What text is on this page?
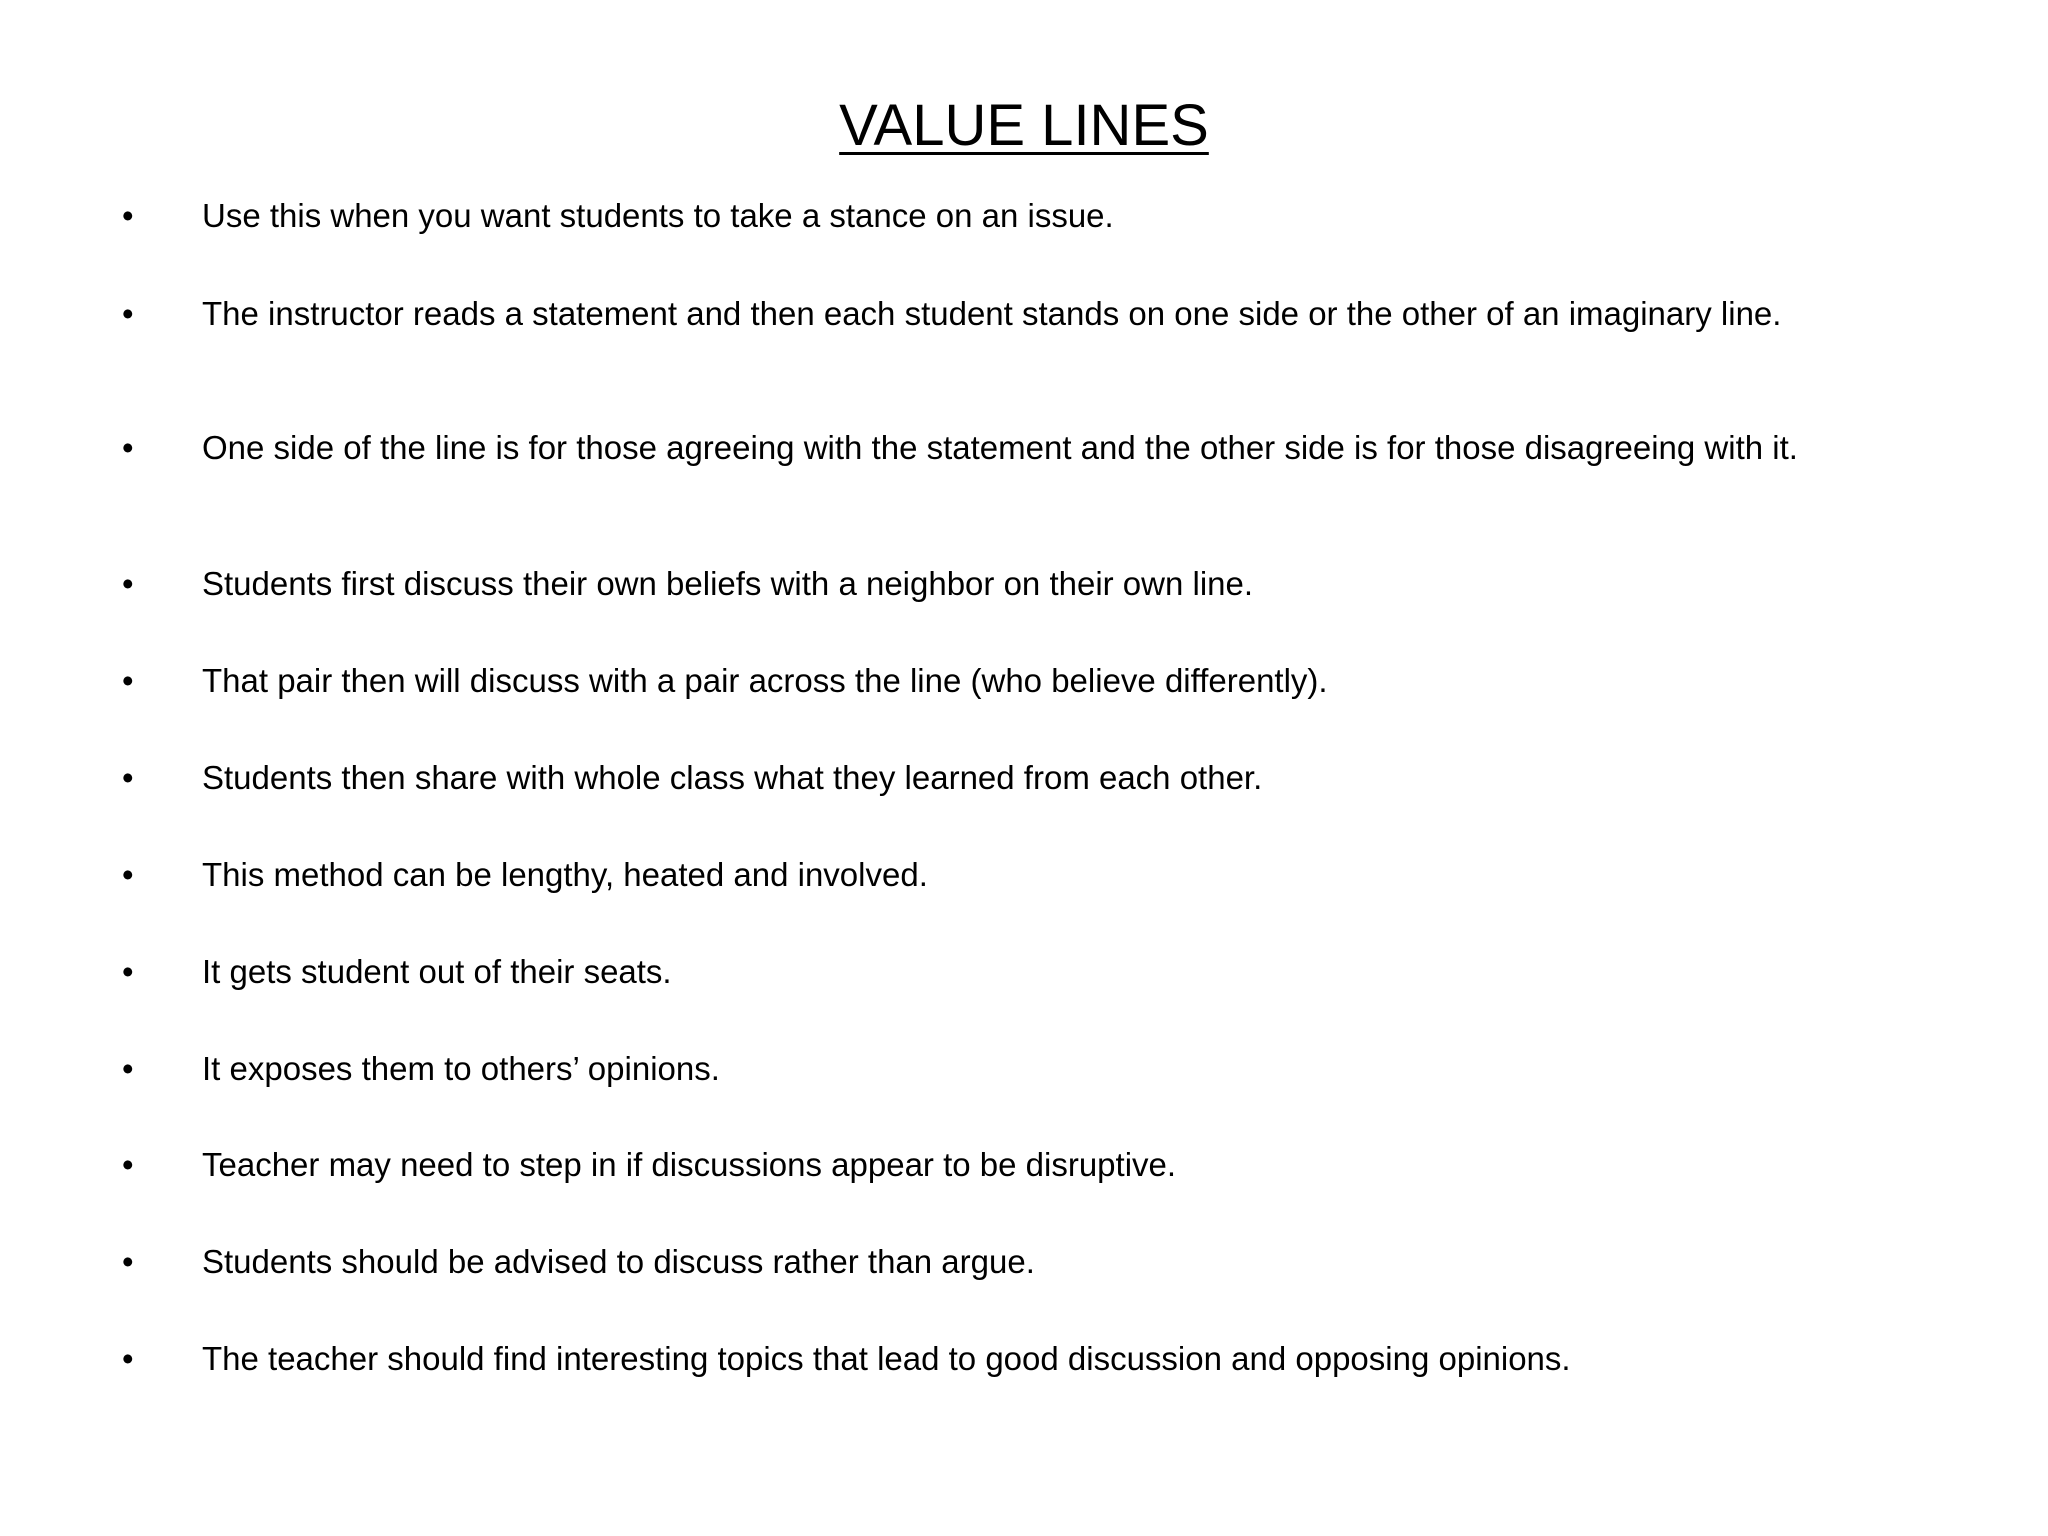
VALUE LINES
• Use this when you want students to take a stance on an issue.
• The instructor reads a statement and then each student stands on one side or the other of an imaginary line.
• One side of the line is for those agreeing with the statement and the other side is for those disagreeing with it.
• Students first discuss their own beliefs with a neighbor on their own line.
• That pair then will discuss with a pair across the line (who believe differently).
• Students then share with whole class what they learned from each other.
• This method can be lengthy, heated and involved.
• It gets student out of their seats.
• It exposes them to others’ opinions.
• Teacher may need to step in if discussions appear to be disruptive.
• Students should be advised to discuss rather than argue.
• The teacher should find interesting topics that lead to good discussion and opposing opinions.
